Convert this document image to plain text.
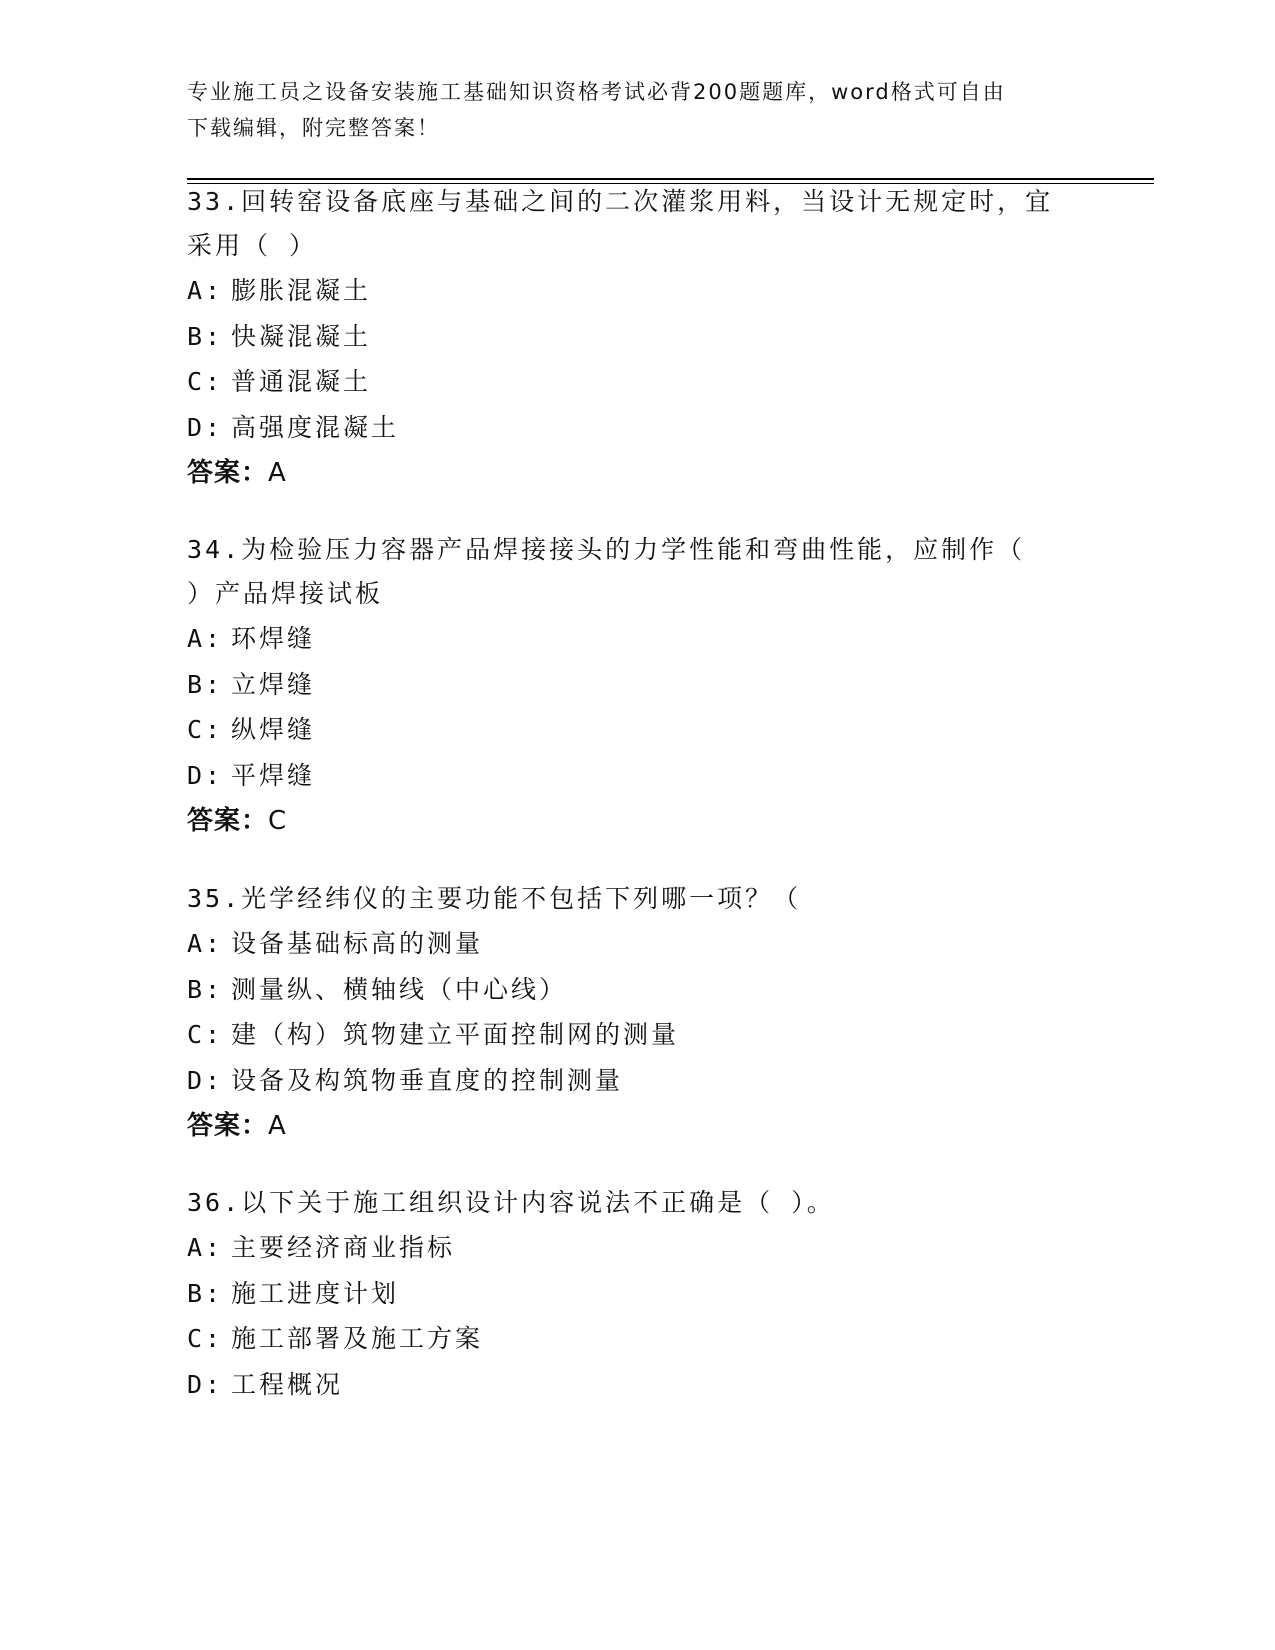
专业施工员之设备安装施工基础知识资格考试必背200题题库，word格式可自由
下载编辑，附完整答案！

33.回转窑设备底座与基础之间的二次灌浆用料，当设计无规定时，宜

采用（ ）

A: 膨胀混凝土

B: 快凝混凝土

C: 普通混凝土

D: 高强度混凝土

答案：A

34.为检验压力容器产品焊接接头的力学性能和弯曲性能，应制作（

）产品焊接试板

A: 环焊缝

B: 立焊缝

C: 纵焊缝

D: 平焊缝

答案：C

35.光学经纬仪的主要功能不包括下列哪一项？（

A: 设备基础标高的测量

B: 测量纵、横轴线（中心线）

C: 建（构）筑物建立平面控制网的测量

D: 设备及构筑物垂直度的控制测量

答案：A

36.以下关于施工组织设计内容说法不正确是（ ）。

A: 主要经济商业指标

B: 施工进度计划

C: 施工部署及施工方案

D: 工程概况
